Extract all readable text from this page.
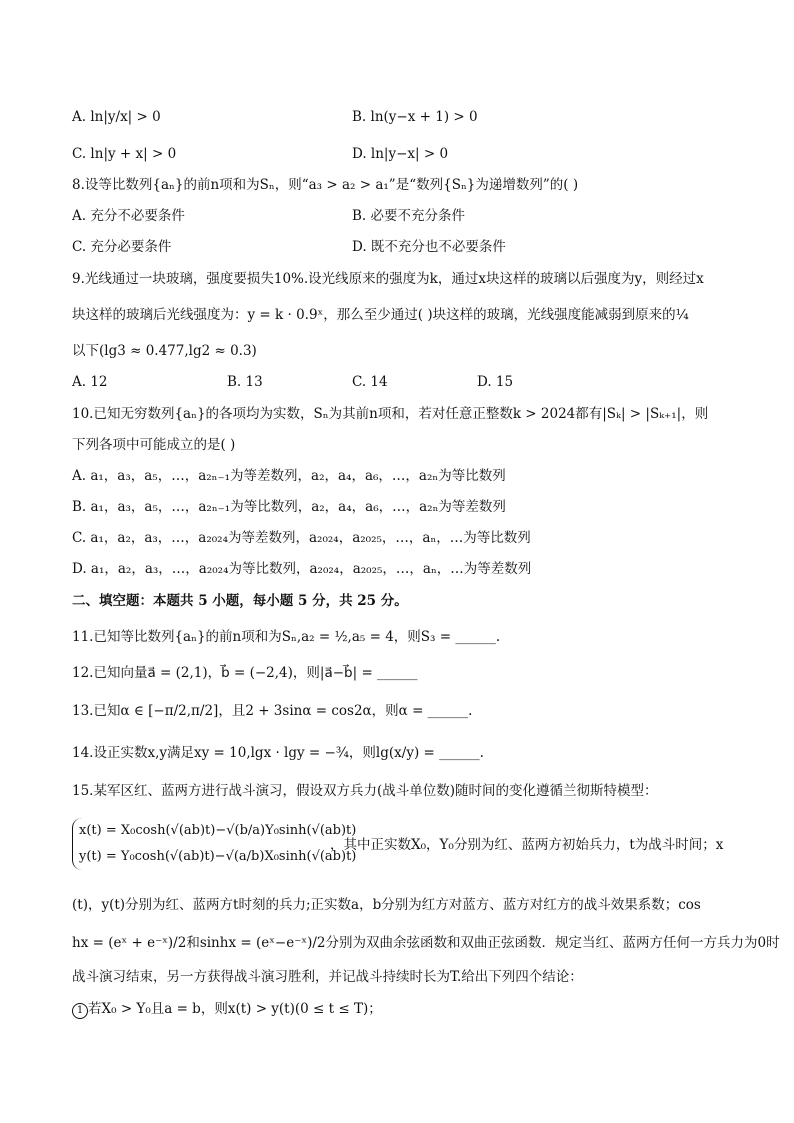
A. ln|y/x| > 0	B. ln(y−x + 1) > 0
C. ln|y + x| > 0	D. ln|y−x| > 0
8.设等比数列{aₙ}的前n项和为Sₙ，则“a₃ > a₂ > a₁”是“数列{Sₙ}为递增数列”的( )
A. 充分不必要条件	B. 必要不充分条件
C. 充分必要条件	D. 既不充分也不必要条件
9.光线通过一块玻璃，强度要损失10%.设光线原来的强度为k，通过x块这样的玻璃以后强度为y，则经过x
块这样的玻璃后光线强度为：y = k · 0.9ˣ，那么至少通过( )块这样的玻璃，光线强度能减弱到原来的¼
以下(lg3 ≈ 0.477,lg2 ≈ 0.3)
A. 12	B. 13	C. 14	D. 15
10.已知无穷数列{aₙ}的各项均为实数，Sₙ为其前n项和，若对任意正整数k > 2024都有|Sₖ| > |Sₖ₊₁|，则
下列各项中可能成立的是( )
A. a₁，a₃，a₅，…，a₂ₙ₋₁为等差数列，a₂，a₄，a₆，…，a₂ₙ为等比数列
B. a₁，a₃，a₅，…，a₂ₙ₋₁为等比数列，a₂，a₄，a₆，…，a₂ₙ为等差数列
C. a₁，a₂，a₃，…，a₂₀₂₄为等差数列，a₂₀₂₄，a₂₀₂₅，…，aₙ，…为等比数列
D. a₁，a₂，a₃，…，a₂₀₂₄为等比数列，a₂₀₂₄，a₂₀₂₅，…，aₙ，…为等差数列
二、填空题：本题共 5 小题，每小题 5 分，共 25 分。
11.已知等比数列{aₙ}的前n项和为Sₙ,a₂ = ½,a₅ = 4，则S₃ = ______.
12.已知向量a⃗ = (2,1)，b⃗ = (−2,4)，则|a⃗−b⃗| = ______
13.已知α ∈ [−π/2,π/2]，且2 + 3sinα = cos2α，则α = ______.
14.设正实数x,y满足xy = 10,lgx · lgy = −¾，则lg(x/y) = ______.
15.某军区红、蓝两方进行战斗演习，假设双方兵力(战斗单位数)随时间的变化遵循兰彻斯特模型：
x(t) = X₀cosh(√(ab)t)−√(b/a)Y₀sinh(√(ab)t)
y(t) = Y₀cosh(√(ab)t)−√(a/b)X₀sinh(√(ab)t)
，其中正实数X₀，Y₀分别为红、蓝两方初始兵力，t为战斗时间；x
(t)，y(t)分别为红、蓝两方t时刻的兵力;正实数a，b分别为红方对蓝方、蓝方对红方的战斗效果系数；cos
hx = (eˣ + e⁻ˣ)/2和sinhx = (eˣ−e⁻ˣ)/2分别为双曲余弦函数和双曲正弦函数．规定当红、蓝两方任何一方兵力为0时
战斗演习结束，另一方获得战斗演习胜利，并记战斗持续时长为T.给出下列四个结论：
1 若X₀ > Y₀且a = b，则x(t) > y(t)(0 ≤ t ≤ T)；
